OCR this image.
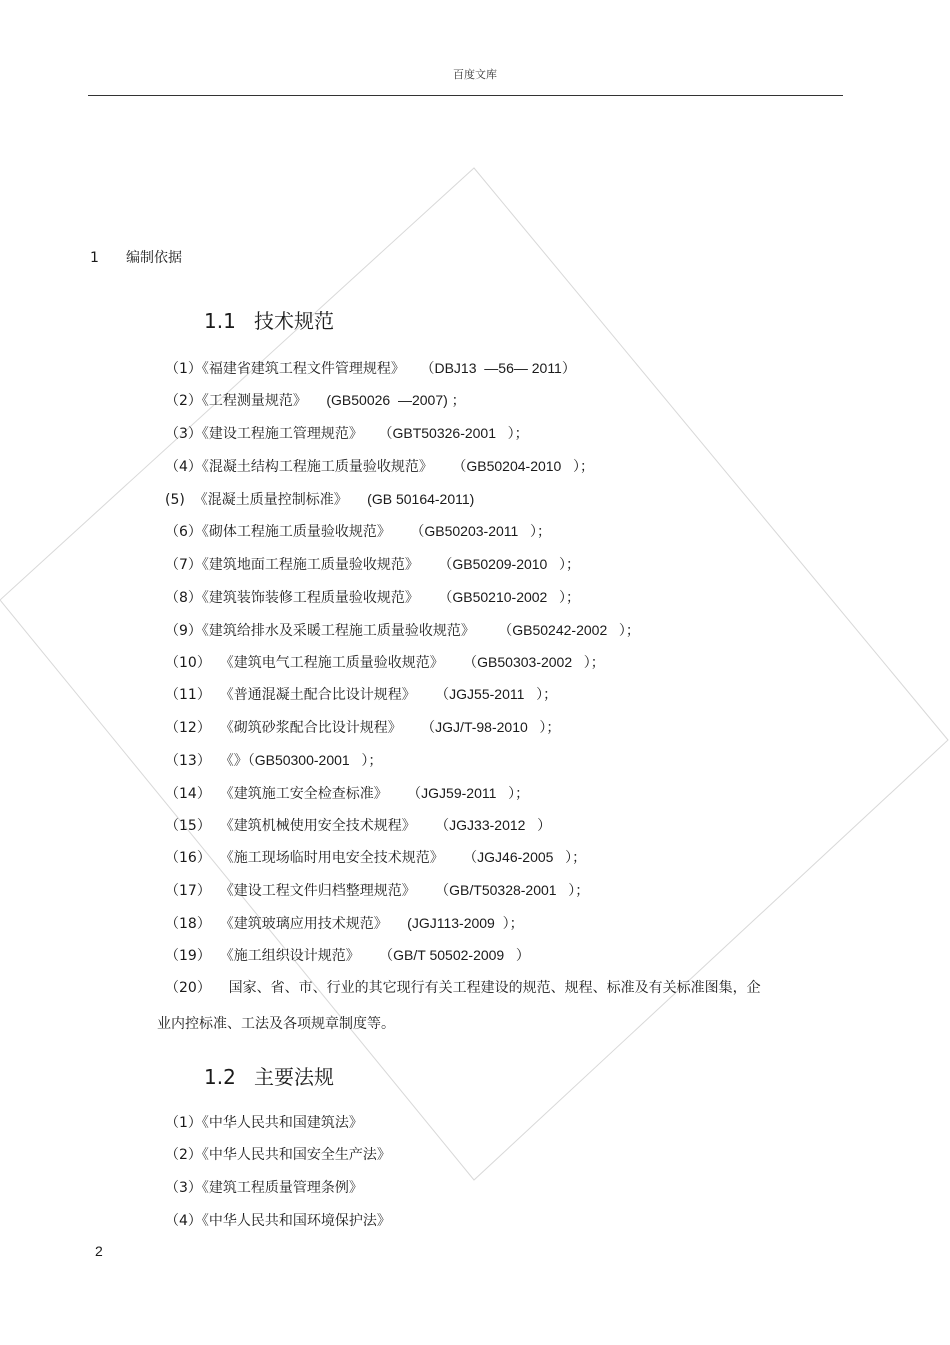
百度文库
1 编制依据
1.1 技术规范
（1）《福建省建筑工程文件管理规程》    （DBJ13  —56— 2011）
（2）《工程测量规范》     (GB50026  —2007) ；
（3）《建设工程施工管理规范》    （GBT50326-2001   ）；
（4）《混凝土结构工程施工质量验收规范》     （GB50204-2010   ）；
(5)  《混凝土质量控制标准》     (GB 50164-2011)
（6）《砌体工程施工质量验收规范》     （GB50203-2011   ）；
（7）《建筑地面工程施工质量验收规范》     （GB50209-2010   ）；
（8）《建筑装饰装修工程质量验收规范》     （GB50210-2002   ）；
（9）《建筑给排水及采暖工程施工质量验收规范》      （GB50242-2002   ）；
（10）  《建筑电气工程施工质量验收规范》     （GB50303-2002   ）；
（11）  《普通混凝土配合比设计规程》     （JGJ55-2011   ）；
（12）  《砌筑砂浆配合比设计规程》     （JGJ/T-98-2010   ）；
（13）  《》（GB50300-2001   ）；
（14）  《建筑施工安全检查标准》     （JGJ59-2011   ）；
（15）  《建筑机械使用安全技术规程》     （JGJ33-2012   ）
（16）  《施工现场临时用电安全技术规范》     （JGJ46-2005   ）；
（17）  《建设工程文件归档整理规范》     （GB/T50328-2001   ）；
（18）  《建筑玻璃应用技术规范》     (JGJ113-2009  ）；
（19）  《施工组织设计规范》     （GB/T 50502-2009   ）
（20）    国家、省、市、行业的其它现行有关工程建设的规范、规程、标准及有关标准图集，企
业内控标准、工法及各项规章制度等。
1.2 主要法规
（1）《中华人民共和国建筑法》
（2）《中华人民共和国安全生产法》
（3）《建筑工程质量管理条例》
（4）《中华人民共和国环境保护法》
2
